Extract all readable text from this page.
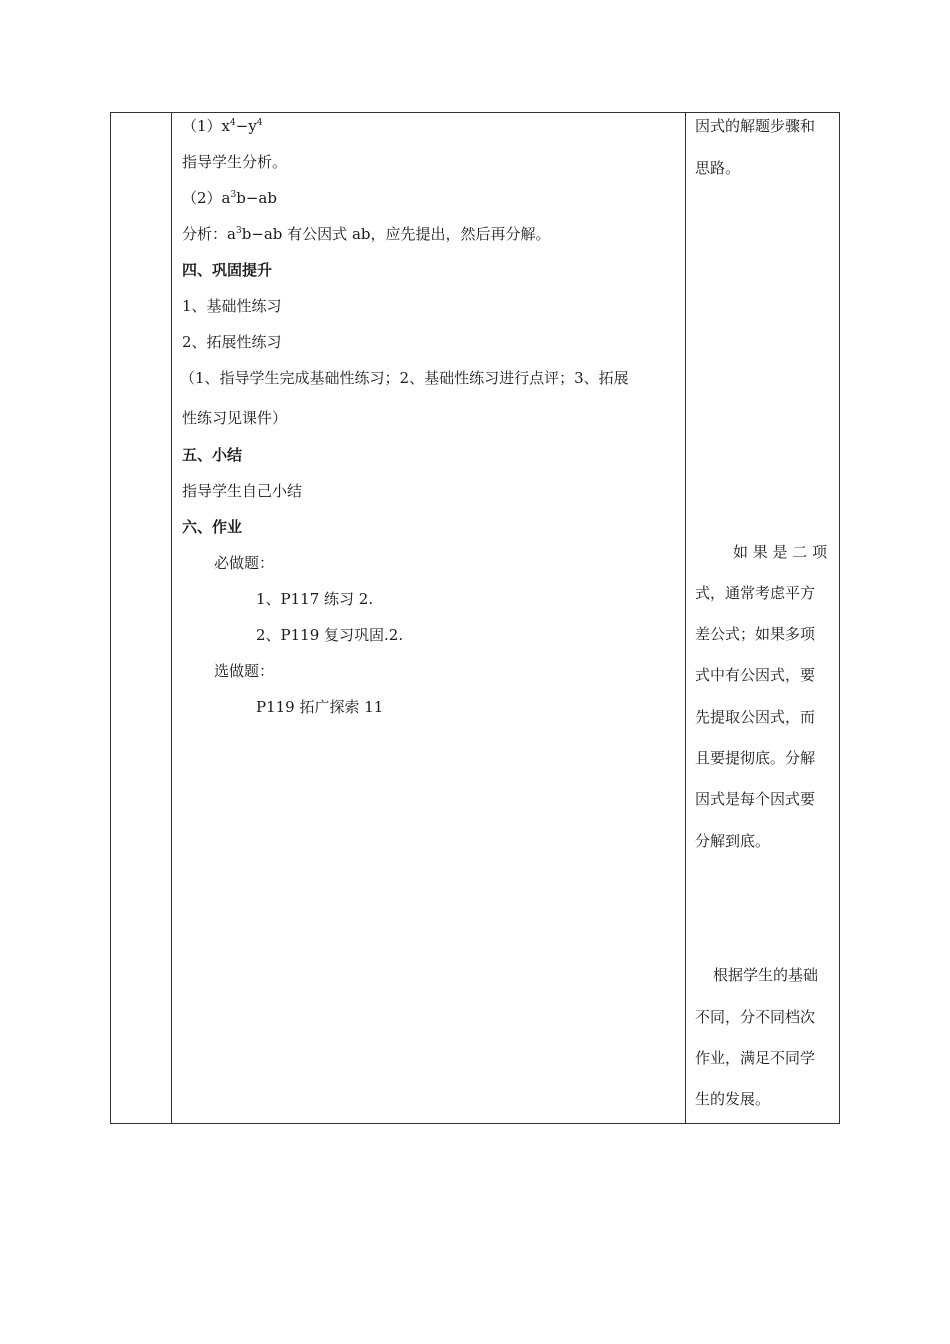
$(1)x^4-y^4$
指导学生分析。
$(2)a^3b-ab$
分析：$a^3b-ab$ 有公因式 ab，应先提出，然后再分解。
四、巩固提升
1、基础性练习
2、拓展性练习
（1、指导学生完成基础性练习；2、基础性练习进行点评；3、拓展
性练习见课件）
五、小结
指导学生自己小结
六、作业
必做题：
1、P117 练习 2.
2、P119 复习巩固.2.
选做题：
P119 拓广探索 11
因式的解题步骤和
思路。
如 果 是 二 项
式，通常考虑平方
差公式；如果多项
式中有公因式，要
先提取公因式，而
且要提彻底。分解
因式是每个因式要
分解到底。
根据学生的基础
不同，分不同档次
作业，满足不同学
生的发展。
